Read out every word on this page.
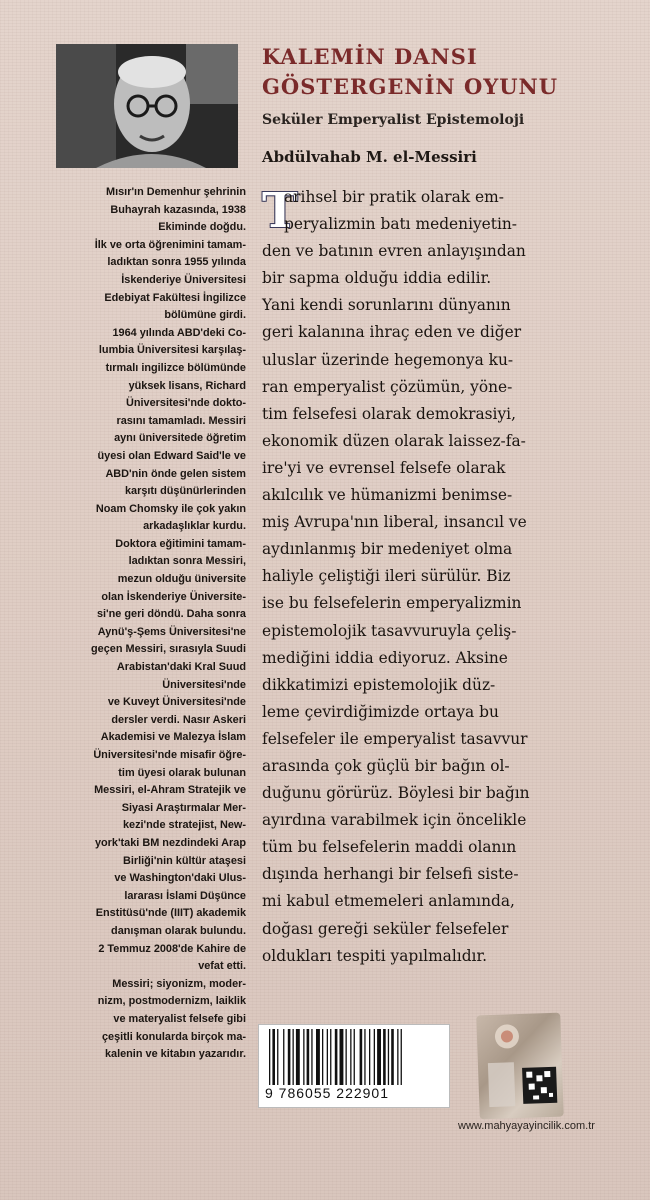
KALEMİN DANSI
GÖSTERGENİN OYUNU

Seküler Emperyalist Epistemoloji

Abdülvahab M. el-Messiri

Mısır'ın Demenhur şehrinin
Buhayrah kazasında, 1938
Ekiminde doğdu.
İlk ve orta öğrenimini tamam-
ladıktan sonra 1955 yılında
İskenderiye Üniversitesi
Edebiyat Fakültesi İngilizce
bölümüne girdi.
1964 yılında ABD'deki Co-
lumbia Üniversitesi karşılaş-
tırmalı ingilizce bölümünde
yüksek lisans, Richard
Üniversitesi'nde dokto-
rasını tamamladı. Messiri
aynı üniversitede öğretim
üyesi olan Edward Said'le ve
ABD'nin önde gelen sistem
karşıtı düşünürlerinden
Noam Chomsky ile çok yakın
arkadaşlıklar kurdu.
Doktora eğitimini tamam-
ladıktan sonra Messiri,
mezun olduğu üniversite
olan İskenderiye Üniversite-
si'ne geri döndü. Daha sonra
Aynü'ş-Şems Üniversitesi'ne
geçen Messiri, sırasıyla Suudi
Arabistan'daki Kral Suud
Üniversitesi'nde
ve Kuveyt Üniversitesi'nde
dersler verdi. Nasır Askeri
Akademisi ve Malezya İslam
Üniversitesi'nde misafir öğre-
tim üyesi olarak bulunan
Messiri, el-Ahram Stratejik ve
Siyasi Araştırmalar Mer-
kezi'nde stratejist, New-
york'taki BM nezdindeki Arap
Birliği'nin kültür ataşesi
ve Washington'daki Ulus-
lararası İslami Düşünce
Enstitüsü'nde (IIIT) akademik
danışman olarak bulundu.
2 Temmuz 2008'de Kahire de
vefat etti.
Messiri; siyonizm, moder-
nizm, postmodernizm, laiklik
ve materyalist felsefe gibi
çeşitli konularda birçok ma-
kalenin ve kitabın yazarıdır.
T
arihsel bir pratik olarak em-
peryalizmin batı medeniyetin-
den ve batının evren anlayışından
bir sapma olduğu iddia edilir.
Yani kendi sorunlarını dünyanın
geri kalanına ihraç eden ve diğer
uluslar üzerinde hegemonya ku-
ran emperyalist çözümün, yöne-
tim felsefesi olarak demokrasiyi,
ekonomik düzen olarak laissez-fa-
ire'yi ve evrensel felsefe olarak
akılcılık ve hümanizmi benimse-
miş Avrupa'nın liberal, insancıl ve
aydınlanmış bir medeniyet olma
haliyle çeliştiği ileri sürülür. Biz
ise bu felsefelerin emperyalizmin
epistemolojik tasavvuruyla çeliş-
mediğini iddia ediyoruz. Aksine
dikkatimizi epistemolojik düz-
leme çevirdiğimizde ortaya bu
felsefeler ile emperyalist tasavvur
arasında çok güçlü bir bağın ol-
duğunu görürüz. Böylesi bir bağın
ayırdına varabilmek için öncelikle
tüm bu felsefelerin maddi olanın
dışında herhangi bir felsefi siste-
mi kabul etmemeleri anlamında,
doğası gereği seküler felsefeler
oldukları tespiti yapılmalıdır.
9 786055 222901
www.mahyayayincilik.com.tr
